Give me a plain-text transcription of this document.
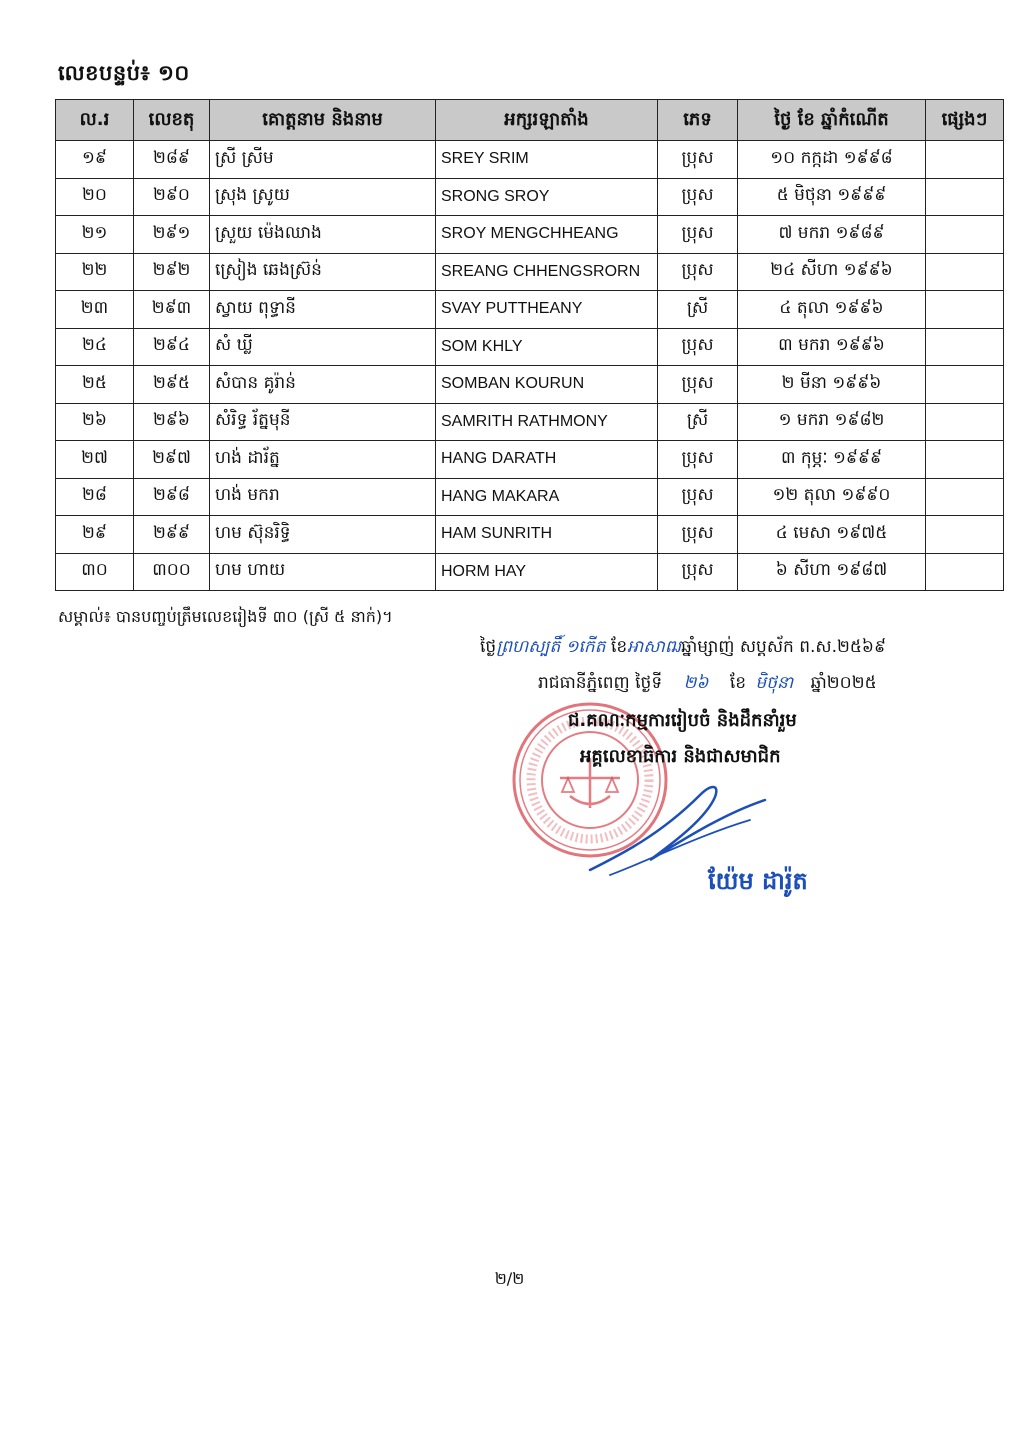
លេខបន្ទប់៖ ១០
ល.រ	លេខតុ	គោត្តនាម និងនាម	អក្សរឡាតាំង	ភេទ	ថ្ងៃ ខែ ឆ្នាំកំណើត	ផ្សេងៗ
១៩	២៨៩	ស្រី ស្រីម	SREY SRIM	ប្រុស	១០ កក្កដា ១៩៩៨	
២០	២៩០	ស្រុង ស្រូយ	SRONG SROY	ប្រុស	៥ មិថុនា ១៩៩៩	
២១	២៩១	ស្រួយ ម៉េងឈាង	SROY MENGCHHEANG	ប្រុស	៧ មករា ១៩៨៩	
២២	២៩២	ស្រៀង ឆេងស្រ៊ន់	SREANG CHHENGSRORN	ប្រុស	២៤ សីហា ១៩៩៦	
២៣	២៩៣	ស្វាយ ពុទ្ធានី	SVAY PUTTHEANY	ស្រី	៤ តុលា ១៩៩៦	
២៤	២៩៤	សំ ឃ្លី	SOM KHLY	ប្រុស	៣ មករា ១៩៩៦	
២៥	២៩៥	សំបាន គូរ៉ាន់	SOMBAN KOURUN	ប្រុស	២ មីនា ១៩៩៦	
២៦	២៩៦	សំរិទ្ធ រ័ត្នមុនី	SAMRITH RATHMONY	ស្រី	១ មករា ១៩៨២	
២៧	២៩៧	ហង់ ដារ័ត្ន	HANG DARATH	ប្រុស	៣ កុម្ភៈ ១៩៩៩	
២៨	២៩៨	ហង់ មករា	HANG MAKARA	ប្រុស	១២ តុលា ១៩៩០	
២៩	២៩៩	ហម ស៊ុនរិទ្ធិ	HAM SUNRITH	ប្រុស	៤ មេសា ១៩៧៥	
៣០	៣០០	ហម ហាយ	HORM HAY	ប្រុស	៦ សីហា ១៩៨៧	
សម្គាល់៖ បានបញ្ចប់ត្រឹមលេខរៀងទី ៣០ (ស្រី ៥ នាក់)។
ថ្ងៃព្រហស្បតិ៍ ១កើត ខែអាសាឍឆ្នាំម្សាញ់ សប្តស័ក ព.ស.២៥៦៩
រាជធានីភ្នំពេញ ថ្ងៃទី ២៦ ខែ មិថុនា ឆ្នាំ២០២៥
ជ.គណៈកម្មការរៀបចំ និងដឹកនាំរួម
អគ្គលេខាធិការ និងជាសមាជិក
យ៉ែម ដារ៉ូត
២/២
